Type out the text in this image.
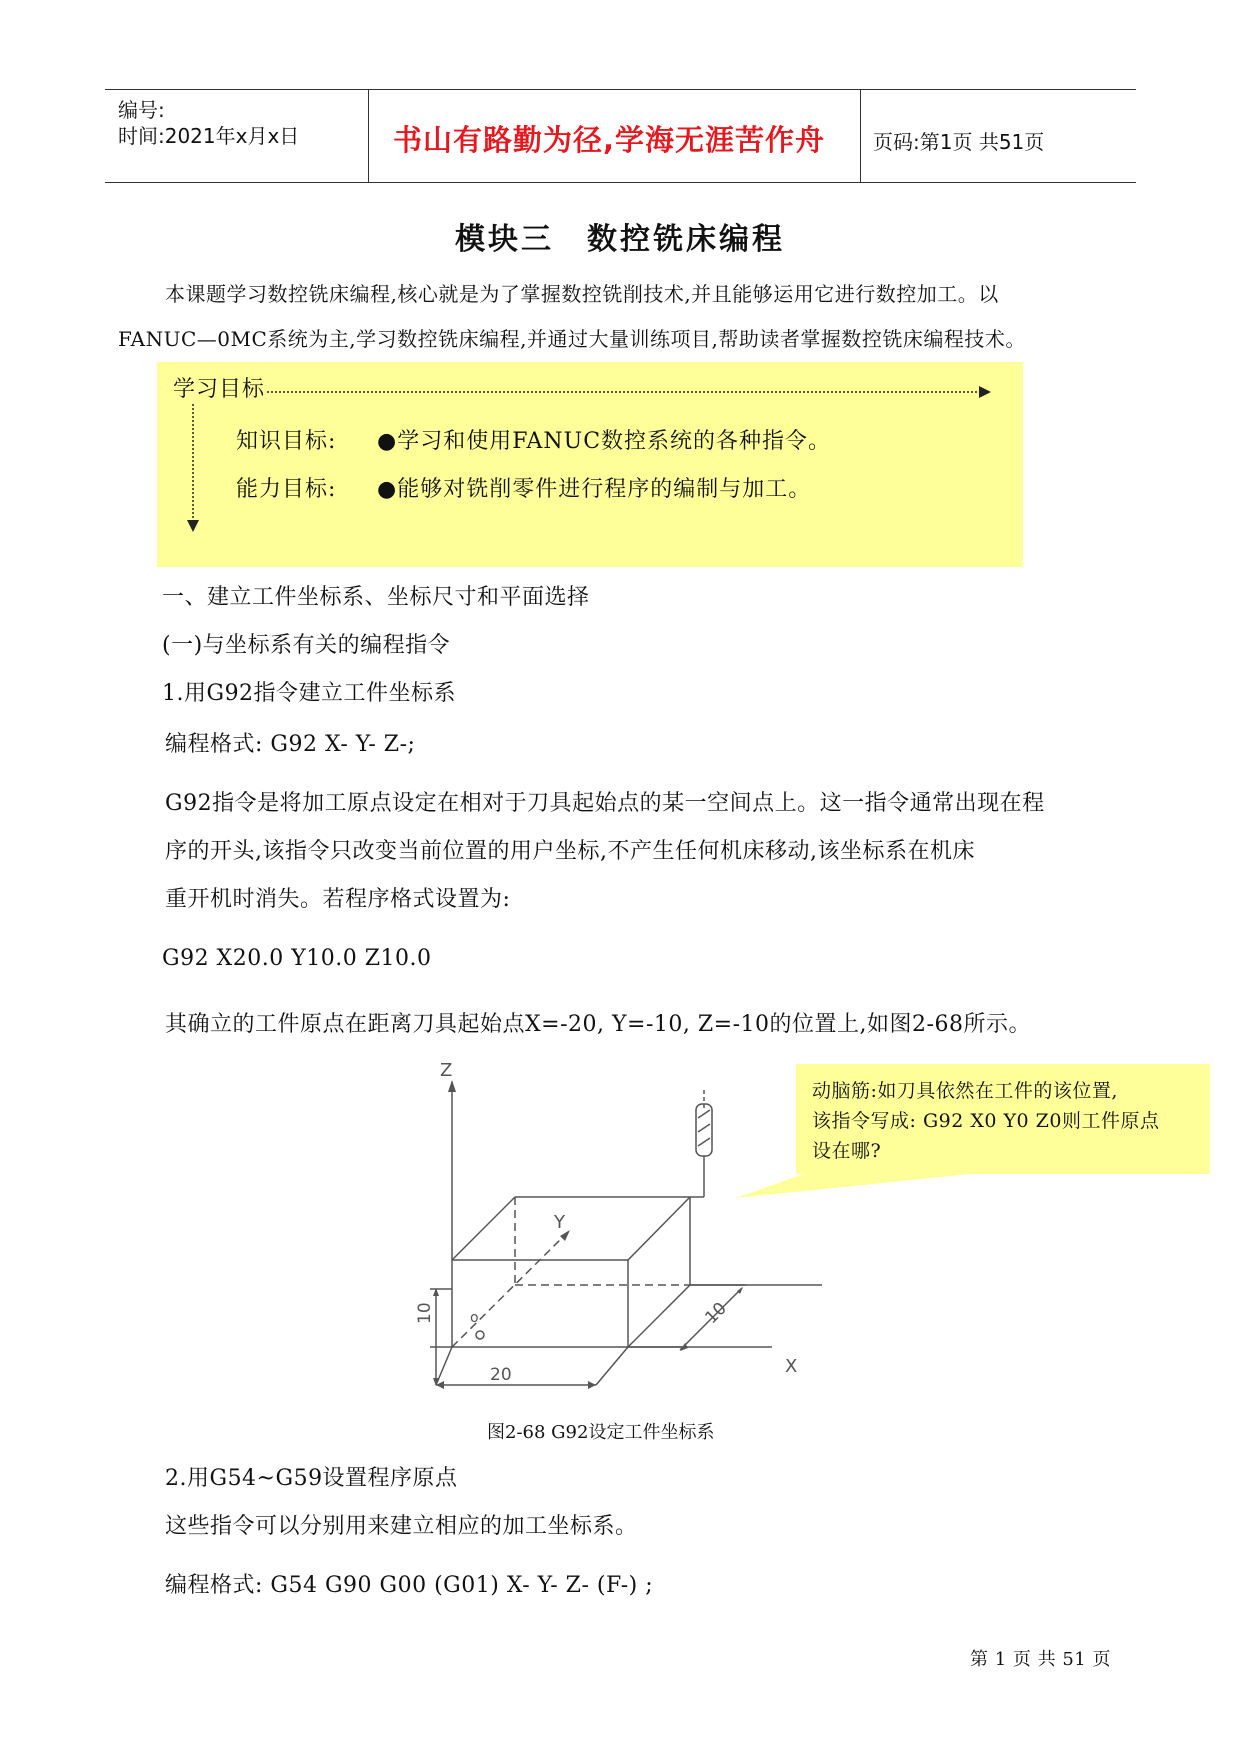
编号:
时间:2021年x月x日	书山有路勤为径,学海无涯苦作舟 页码:第1页 共51页
模块三　数控铣床编程
本课题学习数控铣床编程,核心就是为了掌握数控铣削技术,并且能够运用它进行数控加工。以
FANUC—0MC系统为主,学习数控铣床编程,并通过大量训练项目,帮助读者掌握数控铣床编程技术。
学习目标
知识目标: ●学习和使用FANUC数控系统的各种指令。
能力目标: ●能够对铣削零件进行程序的编制与加工。
一、建立工件坐标系、坐标尺寸和平面选择
(一)与坐标系有关的编程指令
1.用G92指令建立工件坐标系
编程格式: G92 X- Y- Z-;
G92指令是将加工原点设定在相对于刀具起始点的某一空间点上。这一指令通常出现在程
序的开头,该指令只改变当前位置的用户坐标,不产生任何机床移动,该坐标系在机床
重开机时消失。若程序格式设置为:
G92 X20.0 Y10.0 Z10.0
其确立的工件原点在距离刀具起始点X=-20, Y=-10, Z=-10的位置上,如图2-68所示。
动脑筋:如刀具依然在工件的该位置,
该指令写成: G92 X0 Y0 Z0则工件原点
设在哪?
Z
Y
X
o
10
20
10
图2-68 G92设定工件坐标系
2.用G54~G59设置程序原点
这些指令可以分别用来建立相应的加工坐标系。
编程格式: G54 G90 G00 (G01) X- Y- Z- (F-) ;
第 1 页 共 51 页
